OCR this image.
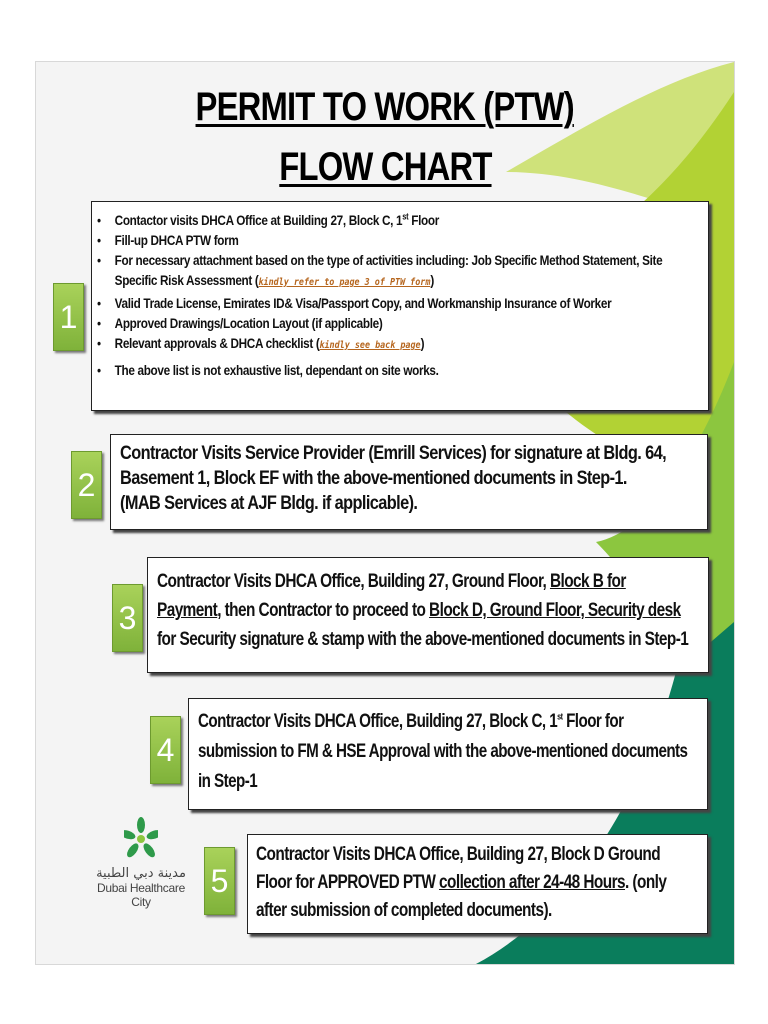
PERMIT TO WORK (PTW)
FLOW CHART
1
• Contactor visits DHCA Office at Building 27, Block C, 1st Floor
• Fill-up DHCA PTW form
• For necessary attachment based on the type of activities including: Job Specific Method Statement, Site Specific Risk Assessment (kindly refer to page 3 of PTW form)
• Valid Trade License, Emirates ID& Visa/Passport Copy, and Workmanship Insurance of Worker
• Approved Drawings/Location Layout (if applicable)
• Relevant approvals & DHCA checklist (kindly see back page)
• The above list is not exhaustive list, dependant on site works.
2
Contractor Visits Service Provider (Emrill Services) for signature at Bldg. 64,
Basement 1, Block EF with the above-mentioned documents in Step-1.
(MAB Services at AJF Bldg. if applicable).
3
Contractor Visits DHCA Office, Building 27, Ground Floor, Block B for
Payment, then Contractor to proceed to Block D, Ground Floor, Security desk
for Security signature & stamp with the above-mentioned documents in Step-1
4
Contractor Visits DHCA Office, Building 27, Block C, 1st Floor for
submission to FM & HSE Approval with the above-mentioned documents
in Step-1
5
Contractor Visits DHCA Office, Building 27, Block D Ground
Floor for APPROVED PTW collection after 24-48 Hours. (only
after submission of completed documents).
مدينة دبي الطبية
Dubai Healthcare City
